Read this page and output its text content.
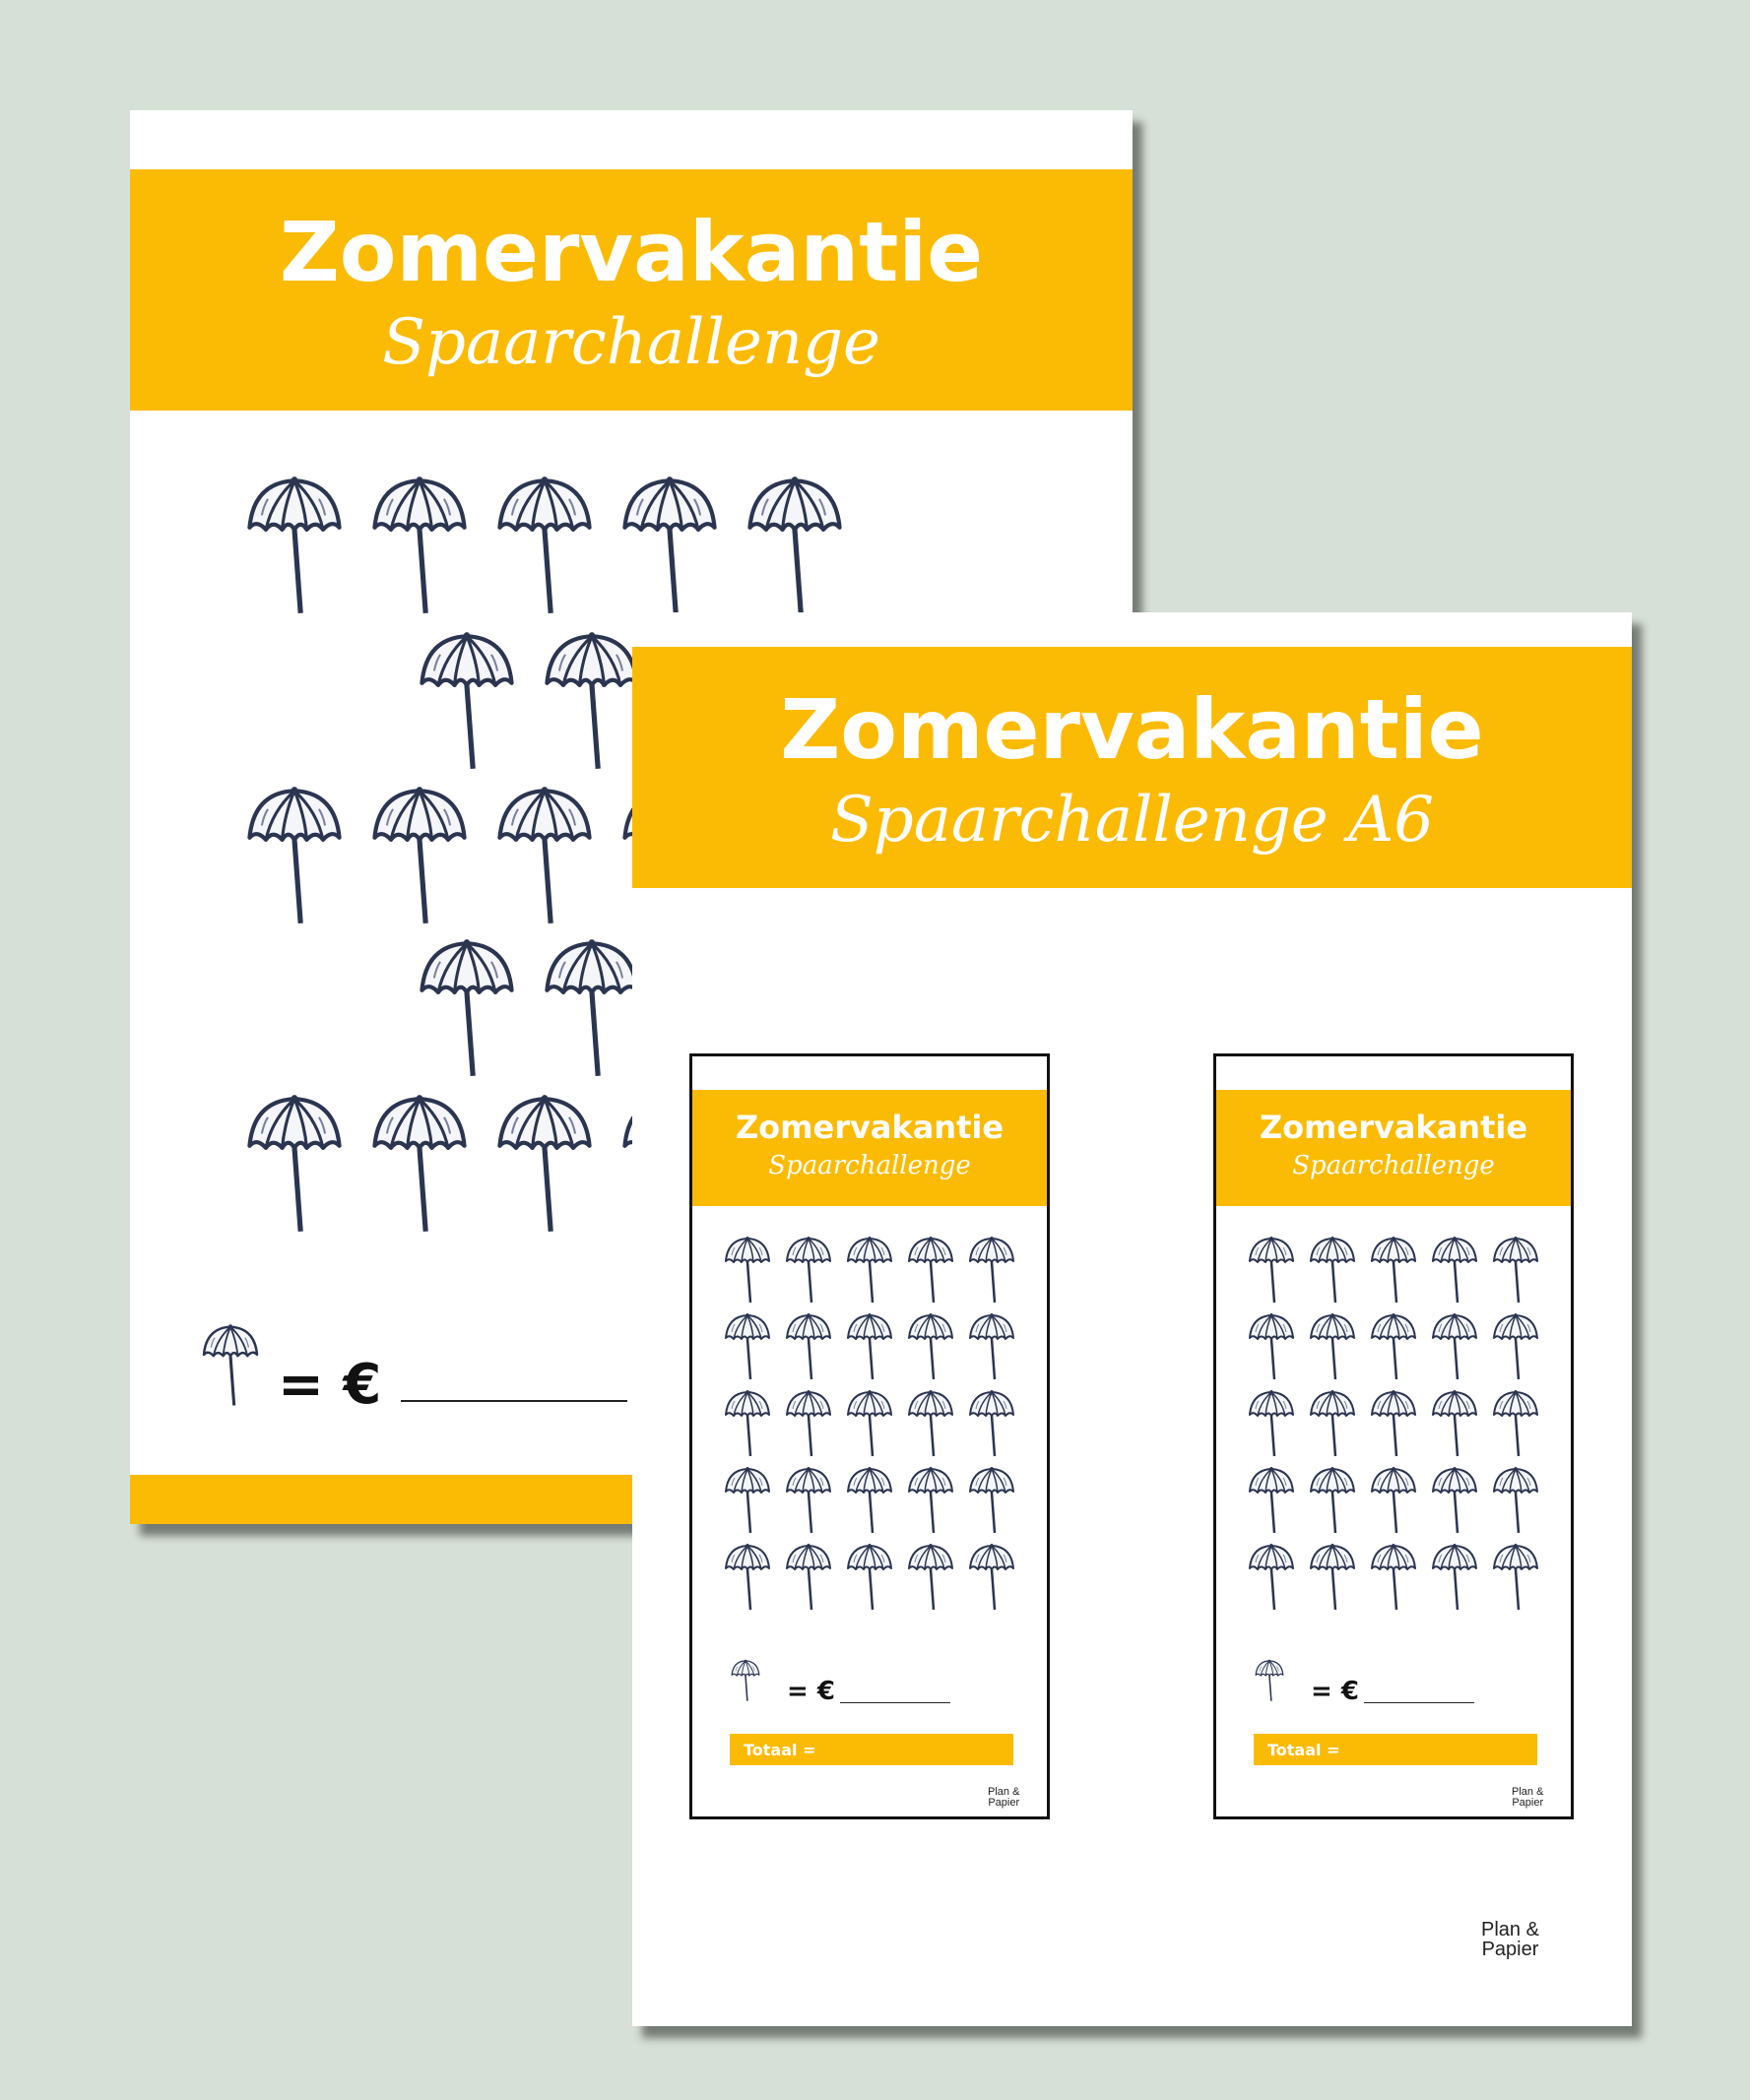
Zomervakantie
Spaarchallenge
= €
Zomervakantie
Spaarchallenge A6
Zomervakantie
Spaarchallenge
= €
Totaal =
Plan &
Papier
Zomervakantie
Spaarchallenge
= €
Totaal =
Plan &
Papier
Plan &
Papier
